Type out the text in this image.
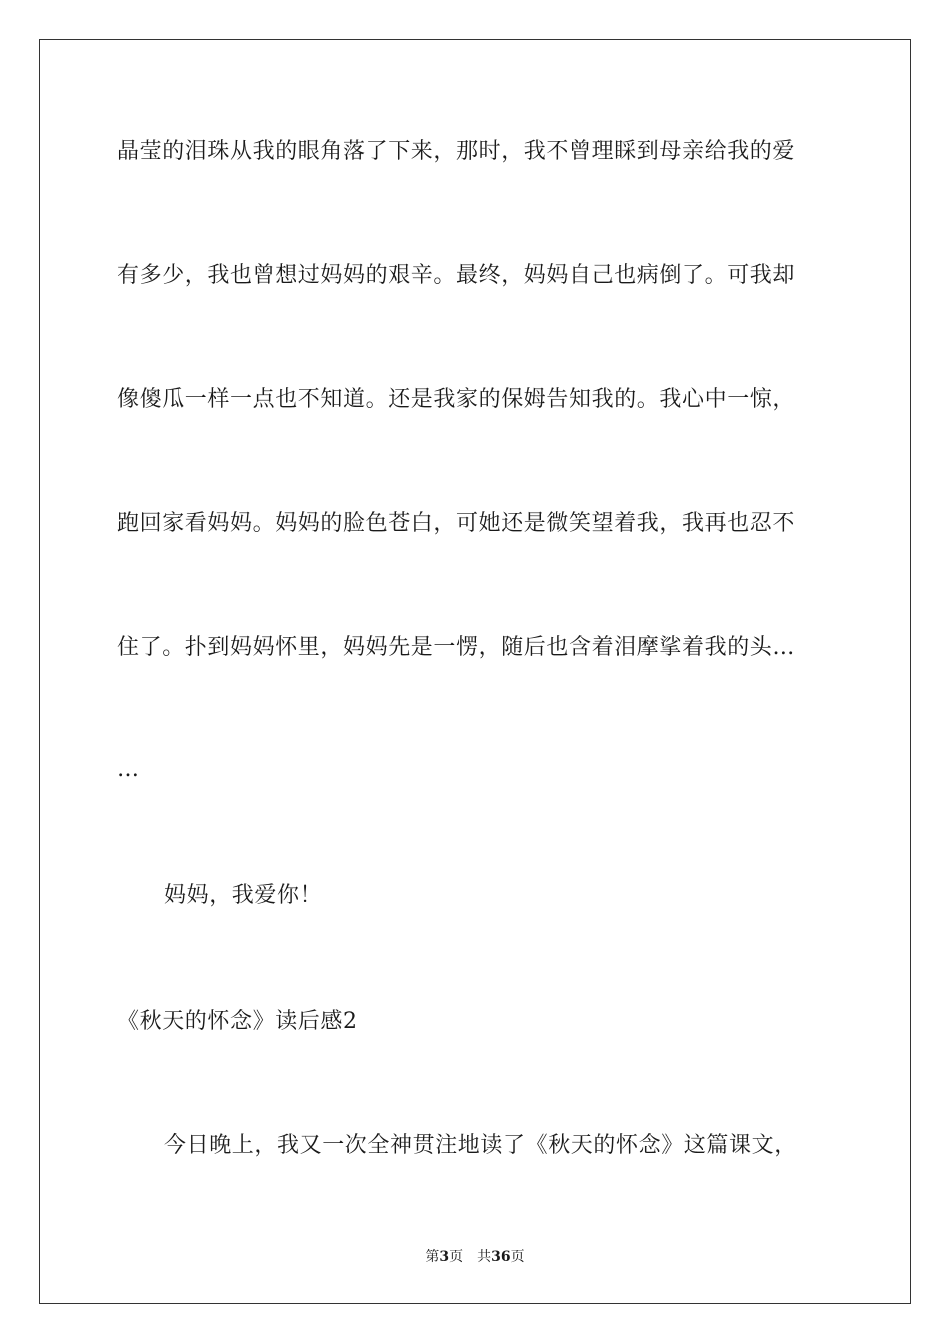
晶莹的泪珠从我的眼角落了下来，那时，我不曾理睬到母亲给我的爱
有多少，我也曾想过妈妈的艰辛。最终，妈妈自己也病倒了。可我却
像傻瓜一样一点也不知道。还是我家的保姆告知我的。我心中一惊，
跑回家看妈妈。妈妈的脸色苍白，可她还是微笑望着我，我再也忍不
住了。扑到妈妈怀里，妈妈先是一愣，随后也含着泪摩挲着我的头…
…
妈妈，我爱你！
《秋天的怀念》读后感2
今日晚上，我又一次全神贯注地读了《秋天的怀念》这篇课文，
第3页 共36页
